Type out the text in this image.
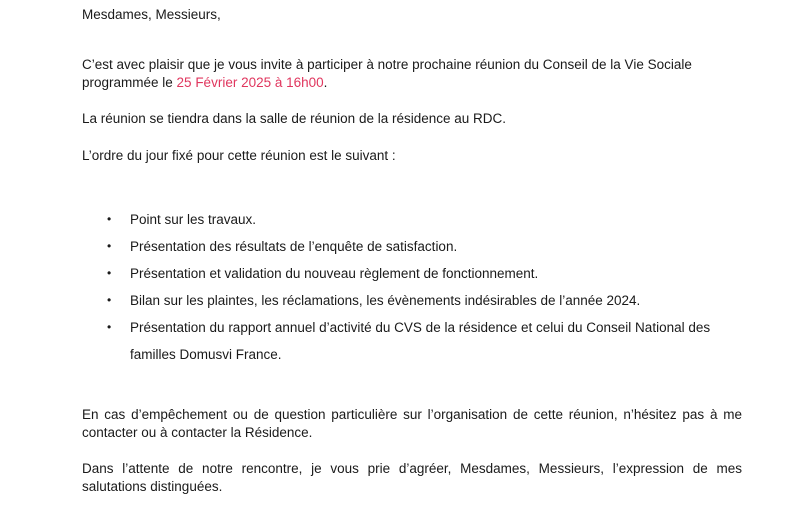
Mesdames, Messieurs,

C’est avec plaisir que je vous invite à participer à notre prochaine réunion du Conseil de la Vie Sociale programmée le 25 Février 2025 à 16h00.

La réunion se tiendra dans la salle de réunion de la résidence au RDC.

L’ordre du jour fixé pour cette réunion est le suivant :

• Point sur les travaux.
• Présentation des résultats de l’enquête de satisfaction.
• Présentation et validation du nouveau règlement de fonctionnement.
• Bilan sur les plaintes, les réclamations, les évènements indésirables de l’année 2024.
• Présentation du rapport annuel d’activité du CVS de la résidence et celui du Conseil National des familles Domusvi France.

En cas d’empêchement ou de question particulière sur l’organisation de cette réunion, n’hésitez pas à me contacter ou à contacter la Résidence.

Dans l’attente de notre rencontre, je vous prie d’agréer, Mesdames, Messieurs, l’expression de mes salutations distinguées.
